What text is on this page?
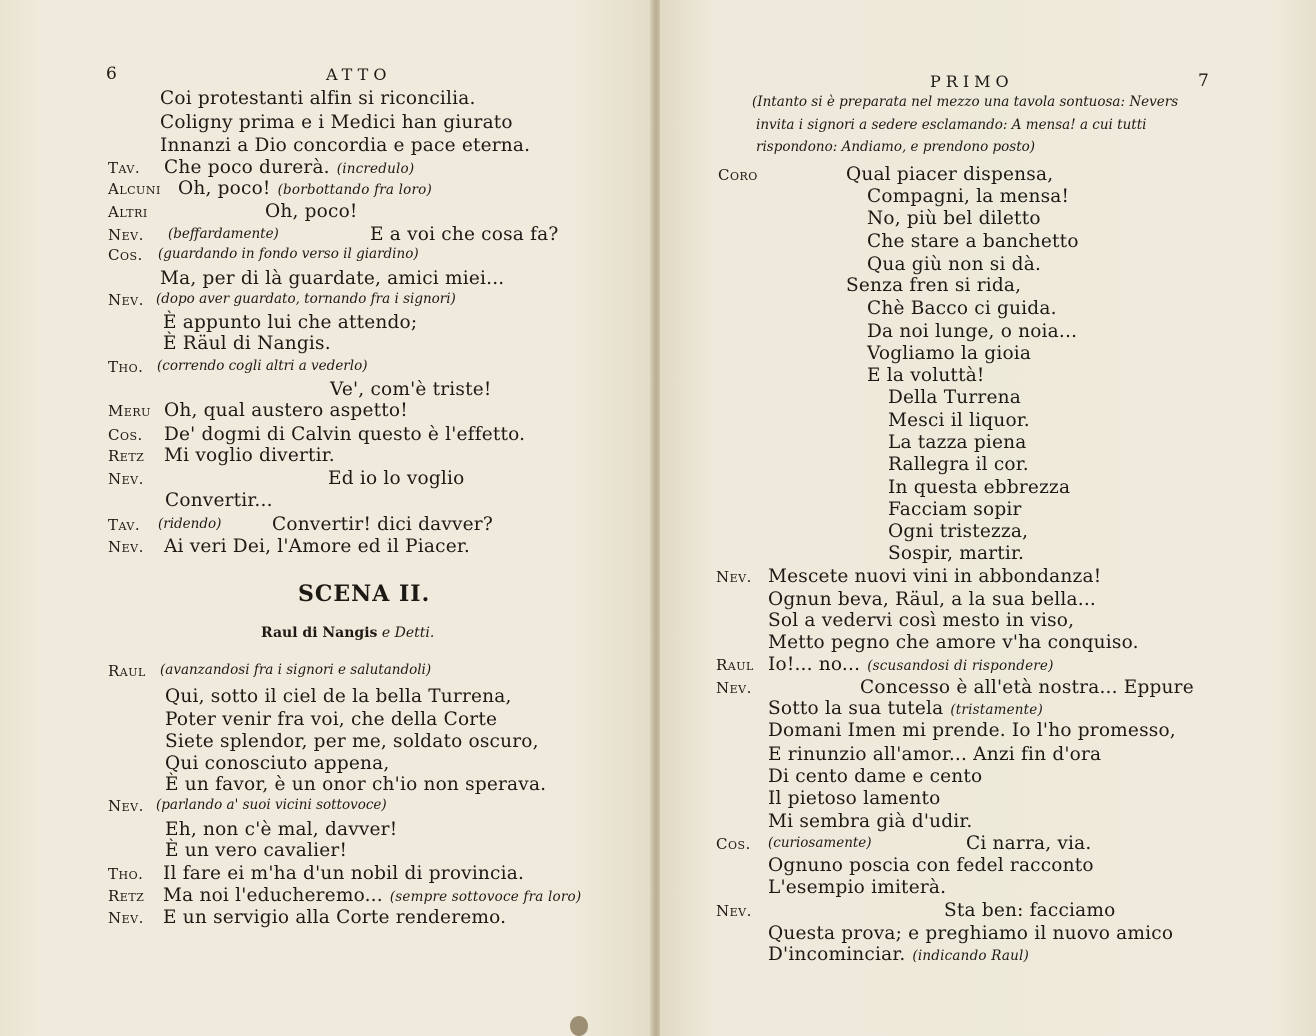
6	ATTO
Coi protestanti alfin si riconcilia.
Coligny prima e i Medici han giurato
Innanzi a Dio concordia e pace eterna.
Tav. Che poco durerà. (incredulo)
Alcuni Oh, poco! (borbottando fra loro)
Altri	Oh, poco!
Nev. (beffardamente)	E a voi che cosa fa?
Cos. (guardando in fondo verso il giardino)
Ma, per di là guardate, amici miei...
Nev. (dopo aver guardato, tornando fra i signori)
È appunto lui che attendo;
È Räul di Nangis.
Tho. (correndo cogli altri a vederlo)
Ve', com'è triste!
Meru Oh, qual austero aspetto!
Cos. De' dogmi di Calvin questo è l'effetto.
Retz Mi voglio divertir.
Nev.	Ed io lo voglio
Convertir...
Tav. (ridendo)	Convertir! dici davver?
Nev. Ai veri Dei, l'Amore ed il Piacer.
SCENA II.
Raul di Nangis e Detti.
Raul (avanzandosi fra i signori e salutandoli)
Qui, sotto il ciel de la bella Turrena,
Poter venir fra voi, che della Corte
Siete splendor, per me, soldato oscuro,
Qui conosciuto appena,
È un favor, è un onor ch'io non sperava.
Nev. (parlando a' suoi vicini sottovoce)
Eh, non c'è mal, davver!
È un vero cavalier!
Tho. Il fare ei m'ha d'un nobil di provincia.
Retz Ma noi l'educheremo... (sempre sottovoce fra loro)
Nev. E un servigio alla Corte renderemo.
PRIMO	7
(Intanto si è preparata nel mezzo una tavola sontuosa: Nevers
invita i signori a sedere esclamando: A mensa! a cui tutti
rispondono: Andiamo, e prendono posto)
Coro	Qual piacer dispensa,
Compagni, la mensa!
No, più bel diletto
Che stare a banchetto
Qua giù non si dà.
Senza fren si rida,
Chè Bacco ci guida.
Da noi lunge, o noia...
Vogliamo la gioia
E la voluttà!
Della Turrena
Mesci il liquor.
La tazza piena
Rallegra il cor.
In questa ebbrezza
Facciam sopir
Ogni tristezza,
Sospir, martir.
Nev. Mescete nuovi vini in abbondanza!
Ognun beva, Räul, a la sua bella...
Sol a vedervi così mesto in viso,
Metto pegno che amore v'ha conquiso.
Raul Io!... no... (scusandosi di rispondere)
Nev.	Concesso è all'età nostra... Eppure
Sotto la sua tutela (tristamente)
Domani Imen mi prende. Io l'ho promesso,
E rinunzio all'amor... Anzi fin d'ora
Di cento dame e cento
Il pietoso lamento
Mi sembra già d'udir.
Cos. (curiosamente)	Ci narra, via.
Ognuno poscia con fedel racconto
L'esempio imiterà.
Nev.	Sta ben: facciamo
Questa prova; e preghiamo il nuovo amico
D'incominciar. (indicando Raul)
